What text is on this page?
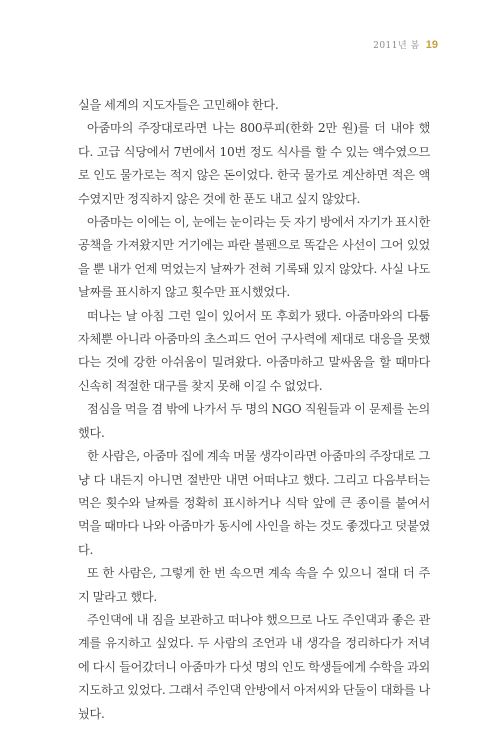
2011년 봄 19

실을 세계의 지도자들은 고민해야 한다.

아줌마의 주장대로라면 나는 800루피(한화 2만 원)를 더 내야 했다. 고급 식당에서 7번에서 10번 정도 식사를 할 수 있는 액수였으므로 인도 물가로는 적지 않은 돈이었다. 한국 물가로 계산하면 적은 액수였지만 정직하지 않은 것에 한 푼도 내고 싶지 않았다.

아줌마는 이에는 이, 눈에는 눈이라는 듯 자기 방에서 자기가 표시한 공책을 가져왔지만 거기에는 파란 볼펜으로 똑같은 사선이 그어 있었을 뿐 내가 언제 먹었는지 날짜가 전혀 기록돼 있지 않았다. 사실 나도 날짜를 표시하지 않고 횟수만 표시했었다.

떠나는 날 아침 그런 일이 있어서 또 후회가 됐다. 아줌마와의 다툼 자체뿐 아니라 아줌마의 초스피드 언어 구사력에 제대로 대응을 못했다는 것에 강한 아쉬움이 밀려왔다. 아줌마하고 말싸움을 할 때마다 신속히 적절한 대구를 찾지 못해 이길 수 없었다.

점심을 먹을 겸 밖에 나가서 두 명의 NGO 직원들과 이 문제를 논의했다.

한 사람은, 아줌마 집에 계속 머물 생각이라면 아줌마의 주장대로 그냥 다 내든지 아니면 절반만 내면 어떠냐고 했다. 그리고 다음부터는 먹은 횟수와 날짜를 정확히 표시하거나 식탁 앞에 큰 종이를 붙여서 먹을 때마다 나와 아줌마가 동시에 사인을 하는 것도 좋겠다고 덧붙였다.

또 한 사람은, 그렇게 한 번 속으면 계속 속을 수 있으니 절대 더 주지 말라고 했다.

주인댁에 내 짐을 보관하고 떠나야 했으므로 나도 주인댁과 좋은 관계를 유지하고 싶었다. 두 사람의 조언과 내 생각을 정리하다가 저녁에 다시 들어갔더니 아줌마가 다섯 명의 인도 학생들에게 수학을 과외 지도하고 있었다. 그래서 주인댁 안방에서 아저씨와 단둘이 대화를 나눴다.
